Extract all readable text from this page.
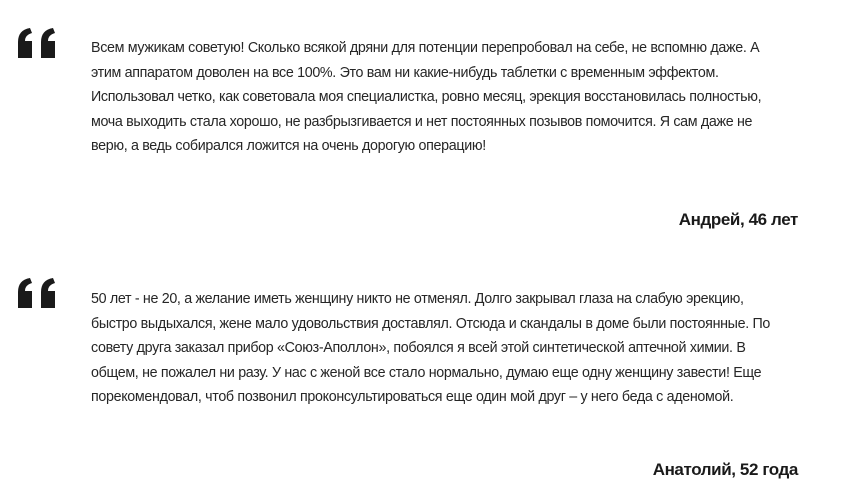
Всем мужикам советую! Сколько всякой дряни для потенции перепробовал на себе, не вспомню даже. А этим аппаратом доволен на все 100%. Это вам ни какие-нибудь таблетки с временным эффектом. Использовал четко, как советовала моя специалистка, ровно месяц, эрекция восстановилась полностью, моча выходить стала хорошо, не разбрызгивается и нет постоянных позывов помочится. Я сам даже не верю, а ведь собирался ложится на очень дорогую операцию!

Андрей, 46 лет

50 лет - не 20, а желание иметь женщину никто не отменял. Долго закрывал глаза на слабую эрекцию, быстро выдыхался, жене мало удовольствия доставлял. Отсюда и скандалы в доме были постоянные. По совету друга заказал прибор «Союз-Аполлон», побоялся я всей этой синтетической аптечной химии. В общем, не пожалел ни разу. У нас с женой все стало нормально, думаю еще одну женщину завести! Еще порекомендовал, чтоб позвонил проконсультироваться еще один мой друг – у него беда с аденомой.

Анатолий, 52 года
